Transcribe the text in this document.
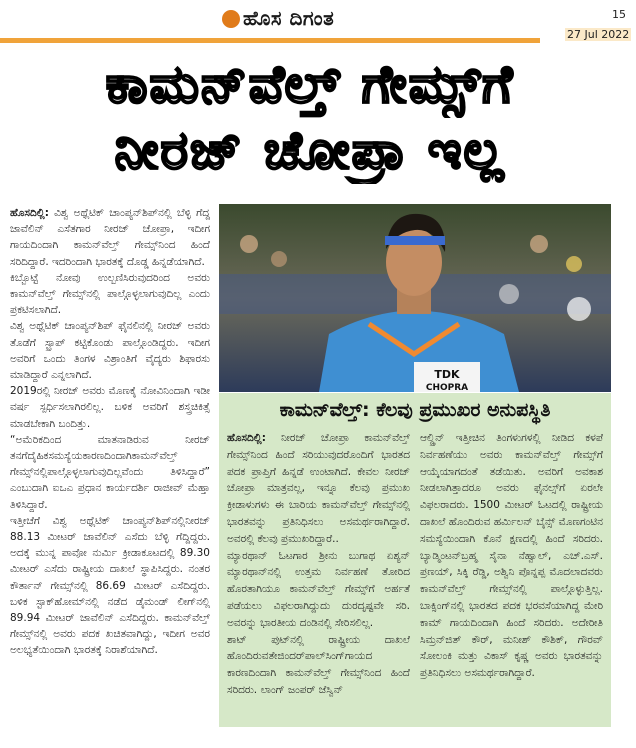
ಹೊಸ ದಿಗಂತ	15
27 Jul 2022
ಕಾಮನ್‌ವೆಲ್ತ್ ಗೇಮ್ಸ್‌ಗೆ
ನೀರಜ್ ಚೋಪ್ರಾ ಇಲ್ಲ

ಹೊಸದಿಲ್ಲಿ: ವಿಶ್ವ ಅಥ್ಲೆಟಿಕ್ ಚಾಂಪ್ಯನ್‌ಶಿಪ್‌ನಲ್ಲಿ ಬೆಳ್ಳಿ ಗೆದ್ದ ಜಾವೆಲಿನ್ ಎಸೆತಗಾರ ನೀರಜ್ ಚೋಪ್ರಾ, ಇದೀಗ ಗಾಯದಿಂದಾಗಿ ಕಾಮನ್‌ವೆಲ್ತ್ ಗೇಮ್ಸ್‌ನಿಂದ ಹಿಂದೆ ಸರಿದಿದ್ದಾರೆ. ಇದರಿಂದಾಗಿ ಭಾರತಕ್ಕೆ ದೊಡ್ಡ ಹಿನ್ನಡೆಯಾಗಿದೆ.

ಕಿಬ್ಬೊಟ್ಟೆ ನೋವು ಉಲ್ಬಣಿಸಿರುವುದರಿಂದ ಅವರು ಕಾಮನ್‌ವೆಲ್ತ್ ಗೇಮ್ಸ್‌ನಲ್ಲಿ ಪಾಲ್ಗೊಳ್ಳಲಾಗುವುದಿಲ್ಲ ಎಂದು ಪ್ರಕಟಿಸಲಾಗಿದೆ.

ವಿಶ್ವ ಅಥ್ಲೆಟಿಕ್ ಚಾಂಪ್ಯನ್‌ಶಿಪ್ ಫೈನಲಿನಲ್ಲಿ ನೀರಜ್ ಅವರು ತೊಡೆಗೆ ಸ್ಟ್ರಾಪ್ ಕಟ್ಟಿಕೊಂಡು ಪಾಲ್ಗೊಂಡಿದ್ದರು. ಇದೀಗ ಅವರಿಗೆ ಒಂದು ತಿಂಗಳ ವಿಶ್ರಾಂತಿಗೆ ವೈದ್ಯರು ಶಿಫಾರಸು ಮಾಡಿದ್ದಾರೆ ಎನ್ನಲಾಗಿದೆ.

2019ರಲ್ಲಿ ನೀರಜ್ ಅವರು ಮೊಣಕೈ ನೋವಿನಿಂದಾಗಿ ಇಡೀ ವರ್ಷ ಸ್ಪರ್ಧಿಸಲಾಗಿರಲಿಲ್ಲ. ಬಳಿಕ ಅವರಿಗೆ ಶಸ್ತ್ರಚಿಕಿತ್ಸೆ ಮಾಡಬೇಕಾಗಿ ಬಂದಿತ್ತು.

“ಅಮೆರಿಕದಿಂದ ಮಾತನಾಡಿರುವ ನೀರಜ್ ತನಗೆದೈಹಿಕಸಮಸ್ಯೆಯಕಾರಣದಿಂದಾಗಿಕಾಮನ್‌ವೆಲ್ತ್ ಗೇಮ್ಸ್‌ನಲ್ಲಿಪಾಲ್ಗೊಳ್ಳಲಾಗುವುದಿಲ್ಲವೆಂದು ತಿಳಿಸಿದ್ದಾರೆ” ಎಂಬುದಾಗಿ ಐಒಎ ಪ್ರಧಾನ ಕಾರ್ಯದರ್ಶಿ ರಾಜೀವ್ ಮೆಹ್ತಾ ತಿಳಿಸಿದ್ದಾರೆ.

ಇತ್ತೀಚೆಗೆ ವಿಶ್ವ ಅಥ್ಲೆಟಿಕ್ ಚಾಂಪ್ಯನ್‌ಶಿಪ್‌ನಲ್ಲಿನೀರಜ್ 88.13 ಮೀಟರ್ ಜಾವೆಲಿನ್ ಎಸೆದು ಬೆಳ್ಳಿ ಗೆದ್ದಿದ್ದರು. ಅದಕ್ಕೆ ಮುನ್ನ ಪಾವೋ ನುರ್ಮಿ ಕ್ರೀಡಾಕೂಟದಲ್ಲಿ 89.30 ಮೀಟರ್ ಎಸೆದು ರಾಷ್ಟ್ರೀಯ ದಾಖಲೆ ಸ್ಥಾಪಿಸಿದ್ದರು. ನಂತರ ಕೌರ್ತಾನ್ ಗೇಮ್ಸ್‌ನಲ್ಲಿ 86.69 ಮೀಟರ್ ಎಸೆದಿದ್ದರು. ಬಳಿಕ ಸ್ಟಾಕ್‌ಹೋಮ್‌ನಲ್ಲಿ ನಡೆದ ಡೈಮಂಡ್ ಲೀಗ್‌ನಲ್ಲಿ 89.94 ಮೀಟರ್ ಜಾವೆಲಿನ್ ಎಸೆದಿದ್ದರು. ಕಾಮನ್‌ವೆಲ್ತ್ ಗೇಮ್ಸ್‌ನಲ್ಲಿ ಅವರು ಪದಕ ಖಚಿತವಾಗಿದ್ದು, ಇದೀಗ ಅವರ ಅಲಭ್ಯತೆಯಿಂದಾಗಿ ಭಾರತಕ್ಕೆ ನಿರಾಶೆಯಾಗಿದೆ.

TDK
CHOPRA
ಕಾಮನ್‌ವೆಲ್ತ್: ಕೆಲವು ಪ್ರಮುಖರ ಅನುಪಸ್ಥಿತಿ
ಹೊಸದಿಲ್ಲಿ: ನೀರಜ್ ಚೋಪ್ರಾ ಕಾಮನ್‌ವೆಲ್ತ್ ಗೇಮ್ಸ್‌ನಿಂದ ಹಿಂದೆ ಸರಿಯುವುದರೊಂದಿಗೆ ಭಾರತದ ಪದಕ ಪ್ರಾಪ್ತಿಗೆ ಹಿನ್ನಡೆ ಉಂಟಾಗಿದೆ. ಕೇವಲ ನೀರಜ್ ಚೋಪ್ರಾ ಮಾತ್ರವಲ್ಲ, ಇನ್ನೂ ಕೆಲವು ಪ್ರಮುಖ ಕ್ರೀಡಾಳುಗಳು ಈ ಬಾರಿಯ ಕಾಮನ್‌ವೆಲ್ತ್ ಗೇಮ್ಸ್‌ನಲ್ಲಿ ಭಾರತವನ್ನು ಪ್ರತಿನಿಧಿಸಲು ಅಸಮರ್ಥರಾಗಿದ್ದಾರೆ. ಅವರಲ್ಲಿ ಕೆಲವು ಪ್ರಮುಖರಿದ್ದಾರೆ..
ಮ್ಯಾರಥಾನ್ ಓಟಗಾರ ಶ್ರೀನು ಬುಗಾಥ ಏಶ್ಯನ್ ಮ್ಯಾರಥಾನ್‌ನಲ್ಲಿ ಉತ್ತಮ ನಿರ್ವಹಣೆ ತೋರಿದ ಹೊರತಾಗಿಯೂ ಕಾಮನ್‌ವೆಲ್ತ್ ಗೇಮ್ಸ್‌ಗೆ ಅರ್ಹತೆ ಪಡೆಯಲು ವಿಫಲರಾಗಿದ್ದುದು ದುರದೃಷ್ಟವೇ ಸರಿ. ಅವರನ್ನು ಭಾರತೀಯ ದಂಡಿನಲ್ಲಿ ಸೇರಿಸಲಿಲ್ಲ.
ಶಾಟ್ ಪುಟ್‌ನಲ್ಲಿ ರಾಷ್ಟ್ರೀಯ ದಾಖಲೆ ಹೊಂದಿರುವತೇಜಿಂದರ್‌ಪಾಲ್‌ಸಿಂಗ್‌ಗಾಯದ ಕಾರಣದಿಂದಾಗಿ ಕಾಮನ್‌ವೆಲ್ತ್ ಗೇಮ್ಸ್‌ನಿಂದ ಹಿಂದೆ ಸರಿದರು. ಲಾಂಗ್ ಜಂಪರ್ ಜೆಸ್ವಿನ್
ಆಲ್ಡ್ರಿನ್ ಇತ್ತೀಚಿನ ತಿಂಗಳುಗಳಲ್ಲಿ ನೀಡಿದ ಕಳಪೆ ನಿರ್ವಹಣೆಯು ಅವರು ಕಾಮನ್‌ವೆಲ್ತ್ ಗೇಮ್ಸ್‌ಗೆ ಆಯ್ಕೆಯಾಗದಂತೆ ತಡೆಯಿತು. ಅವರಿಗೆ ಅವಕಾಶ ನೀಡಲಾಗಿತ್ತಾದರೂ ಅವರು ಫೈನಲ್ಸ್‌ಗೆ ಏರಲೇ ವಿಫಲರಾದರು. 1500 ಮೀಟರ್ ಓಟದಲ್ಲಿ ರಾಷ್ಟ್ರೀಯ ದಾಖಲೆ ಹೊಂದಿರುವ ಹರ್ಮಿಲನ್ ಬೈನ್ಸ್ ಮೊಣಗಂಟಿನ ಸಮಸ್ಯೆಯಿಂದಾಗಿ ಕೊನೆ ಕ್ಷಣದಲ್ಲಿ ಹಿಂದೆ ಸರಿದರು. ಬ್ಯಾಡ್ಮಿಂಟನ್‌ಬ್ರಹ್ಮ ಸೈನಾ ನೆಹ್ವಾಲ್, ಎಚ್.ಎಸ್. ಪ್ರಣಯ್, ಸಿಕ್ಕಿ ರೆಡ್ಡಿ, ಅಶ್ವಿನಿ ಪೊನ್ನಪ್ಪ ಮೊದಲಾದವರು ಕಾಮನ್‌ವೆಲ್ತ್ ಗೇಮ್ಸ್‌ನಲ್ಲಿ ಪಾಲ್ಗೊಳ್ಳುತ್ತಿಲ್ಲ. ಬಾಕ್ಸಿಂಗ್‌ನಲ್ಲಿ ಭಾರತದ ಪದಕ ಭರವಸೆಯಾಗಿದ್ದ ಮೇರಿ ಕಾಮ್ ಗಾಯದಿಂದಾಗಿ ಹಿಂದೆ ಸರಿದರು. ಅದೇರೀತಿ ಸಿಮ್ರನ್‌ಜಿತ್ ಕೌರ್, ಮನೀಶ್ ಕೌಶಿಕ್, ಗೌರವ್ ಸೋಲಂಕಿ ಮತ್ತು ವಿಕಾಸ್ ಕೃಷ್ಣ ಅವರು ಭಾರತವನ್ನು ಪ್ರತಿನಿಧಿಸಲು ಅಸಮರ್ಥರಾಗಿದ್ದಾರೆ.
